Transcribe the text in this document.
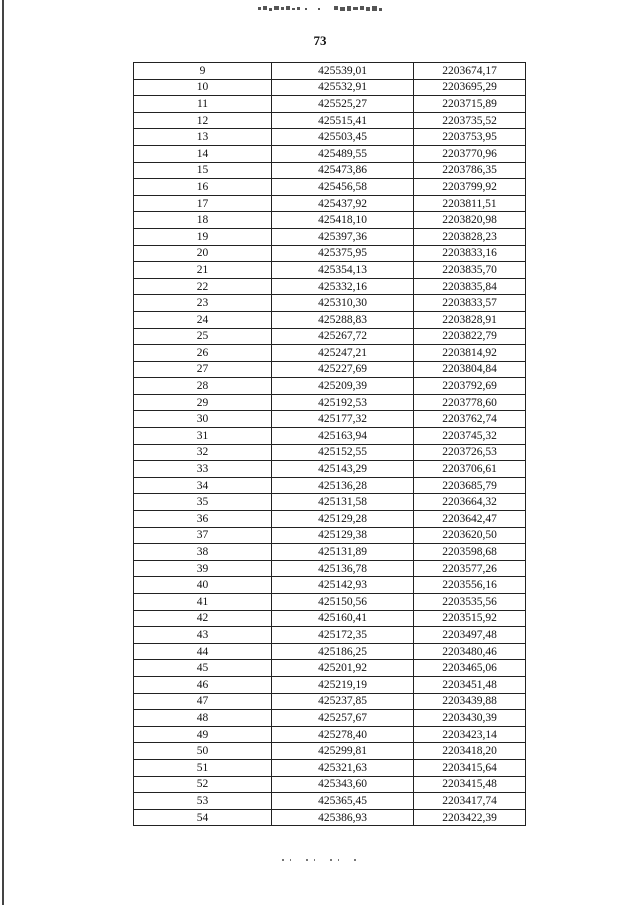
73
9	425539,01	2203674,17
10	425532,91	2203695,29
11	425525,27	2203715,89
12	425515,41	2203735,52
13	425503,45	2203753,95
14	425489,55	2203770,96
15	425473,86	2203786,35
16	425456,58	2203799,92
17	425437,92	2203811,51
18	425418,10	2203820,98
19	425397,36	2203828,23
20	425375,95	2203833,16
21	425354,13	2203835,70
22	425332,16	2203835,84
23	425310,30	2203833,57
24	425288,83	2203828,91
25	425267,72	2203822,79
26	425247,21	2203814,92
27	425227,69	2203804,84
28	425209,39	2203792,69
29	425192,53	2203778,60
30	425177,32	2203762,74
31	425163,94	2203745,32
32	425152,55	2203726,53
33	425143,29	2203706,61
34	425136,28	2203685,79
35	425131,58	2203664,32
36	425129,28	2203642,47
37	425129,38	2203620,50
38	425131,89	2203598,68
39	425136,78	2203577,26
40	425142,93	2203556,16
41	425150,56	2203535,56
42	425160,41	2203515,92
43	425172,35	2203497,48
44	425186,25	2203480,46
45	425201,92	2203465,06
46	425219,19	2203451,48
47	425237,85	2203439,88
48	425257,67	2203430,39
49	425278,40	2203423,14
50	425299,81	2203418,20
51	425321,63	2203415,64
52	425343,60	2203415,48
53	425365,45	2203417,74
54	425386,93	2203422,39
